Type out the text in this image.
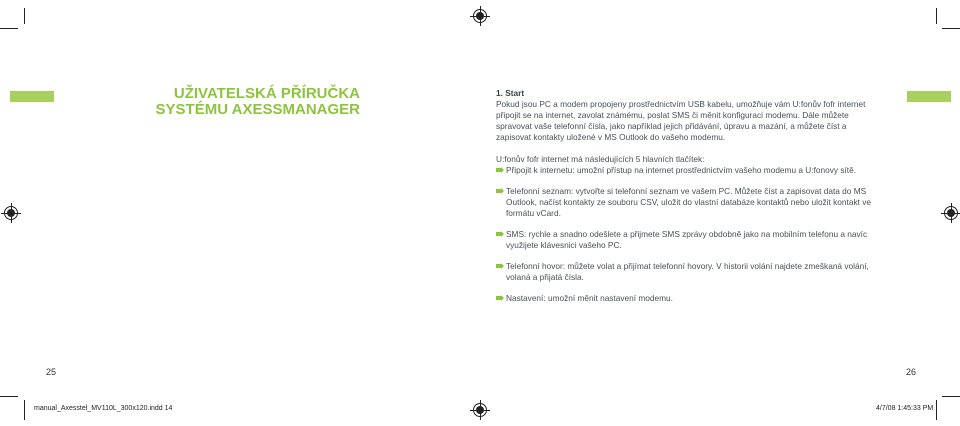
UŽIVATELSKÁ PŘÍRUČKA
SYSTÉMU AXESSMANAGER

1. Start

Pokud jsou PC a modem propojeny prostřednictvím USB kabelu, umožňuje vám U:fonův fofr internet připojit se na internet, zavolat známému, poslat SMS či měnit konfiguraci modemu. Dále můžete spravovat vaše telefonní čísla, jako například jejich přidávání, úpravu a mazání, a můžete číst a zapisovat kontakty uložené v MS Outlook do vašeho modemu.

U:fonův fofr internet má následujících 5 hlavních tlačítek:

Připojit k internetu: umožní přístup na internet prostřednictvím vašeho modemu a U:fonovy sítě.
Telefonní seznam: vytvořte si telefonní seznam ve vašem PC. Můžete číst a zapisovat data do MS Outlook, načíst kontakty ze souboru CSV, uložit do vlastní databáze kontaktů nebo uložit kontakt ve formátu vCard.
SMS: rychle a snadno odešlete a přijmete SMS zprávy obdobně jako na mobilním telefonu a navíc využijete klávesnici vašeho PC.
Telefonní hovor: můžete volat a přijímat telefonní hovory. V historii volání najdete zmeškaná volání, volaná a přijatá čísla.
Nastavení: umožní měnit nastavení modemu.
25	26
manual_Axesstel_MV110L_300x120.indd 14	4/7/08 1:45:33 PM
